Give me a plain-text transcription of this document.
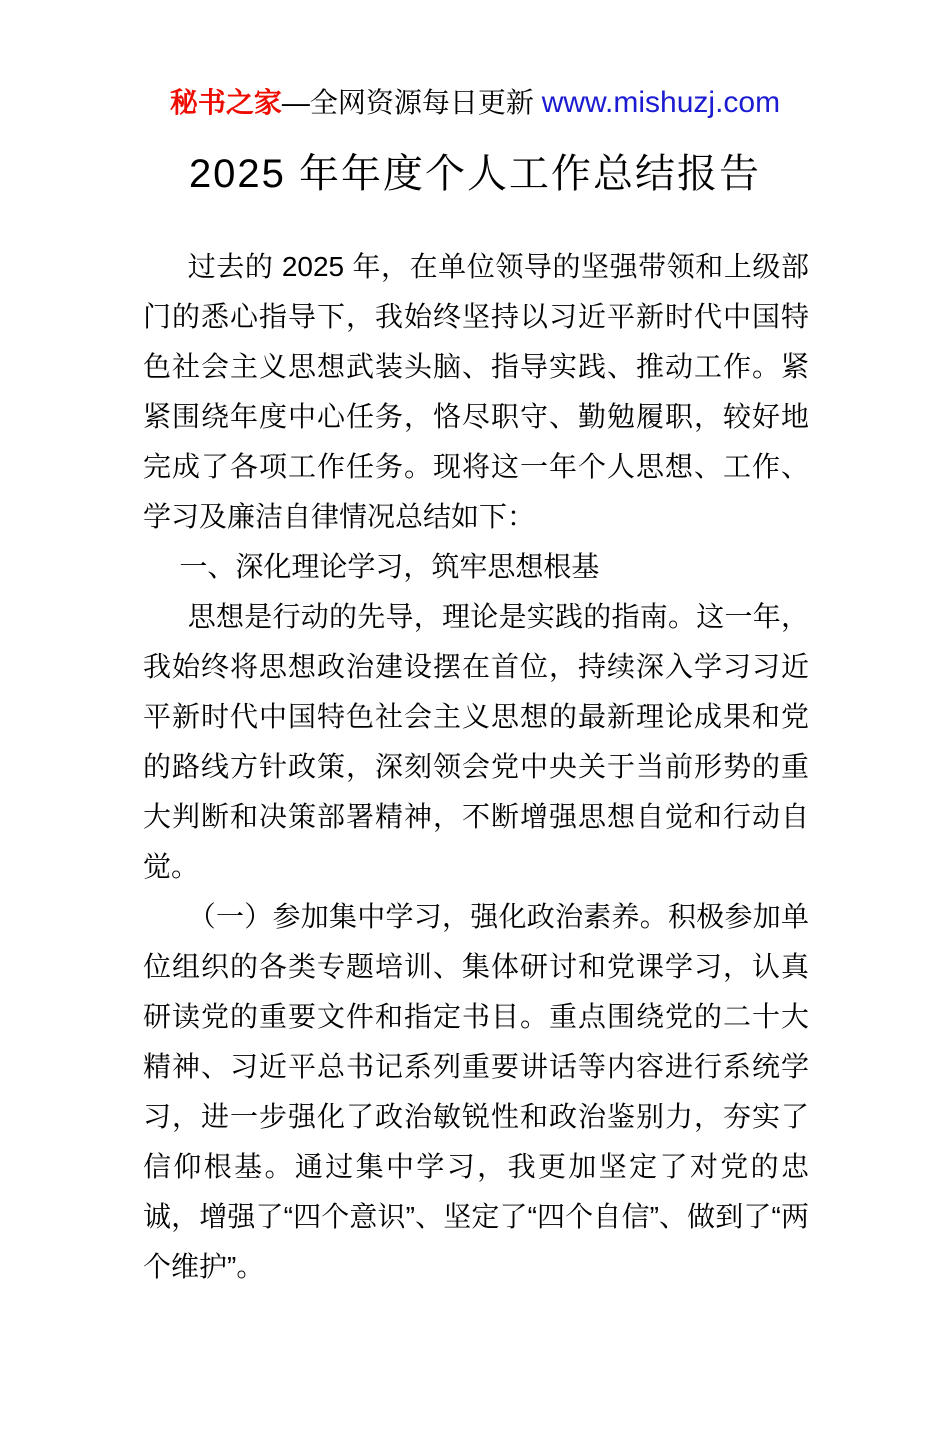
秘书之家—全网资源每日更新 www.mishuzj.com
2025 年年度个人工作总结报告

过去的 2025 年，在单位领导的坚强带领和上级部门的悉心指导下，我始终坚持以习近平新时代中国特色社会主义思想武装头脑、指导实践、推动工作。紧紧围绕年度中心任务，恪尽职守、勤勉履职，较好地完成了各项工作任务。现将这一年个人思想、工作、学习及廉洁自律情况总结如下：

一、深化理论学习，筑牢思想根基

思想是行动的先导，理论是实践的指南。这一年，我始终将思想政治建设摆在首位，持续深入学习习近平新时代中国特色社会主义思想的最新理论成果和党的路线方针政策，深刻领会党中央关于当前形势的重大判断和决策部署精神，不断增强思想自觉和行动自觉。

（一）参加集中学习，强化政治素养。积极参加单位组织的各类专题培训、集体研讨和党课学习，认真研读党的重要文件和指定书目。重点围绕党的二十大精神、习近平总书记系列重要讲话等内容进行系统学习，进一步强化了政治敏锐性和政治鉴别力，夯实了信仰根基。通过集中学习，我更加坚定了对党的忠诚，增强了“四个意识”、坚定了“四个自信”、做到了“两个维护”。
